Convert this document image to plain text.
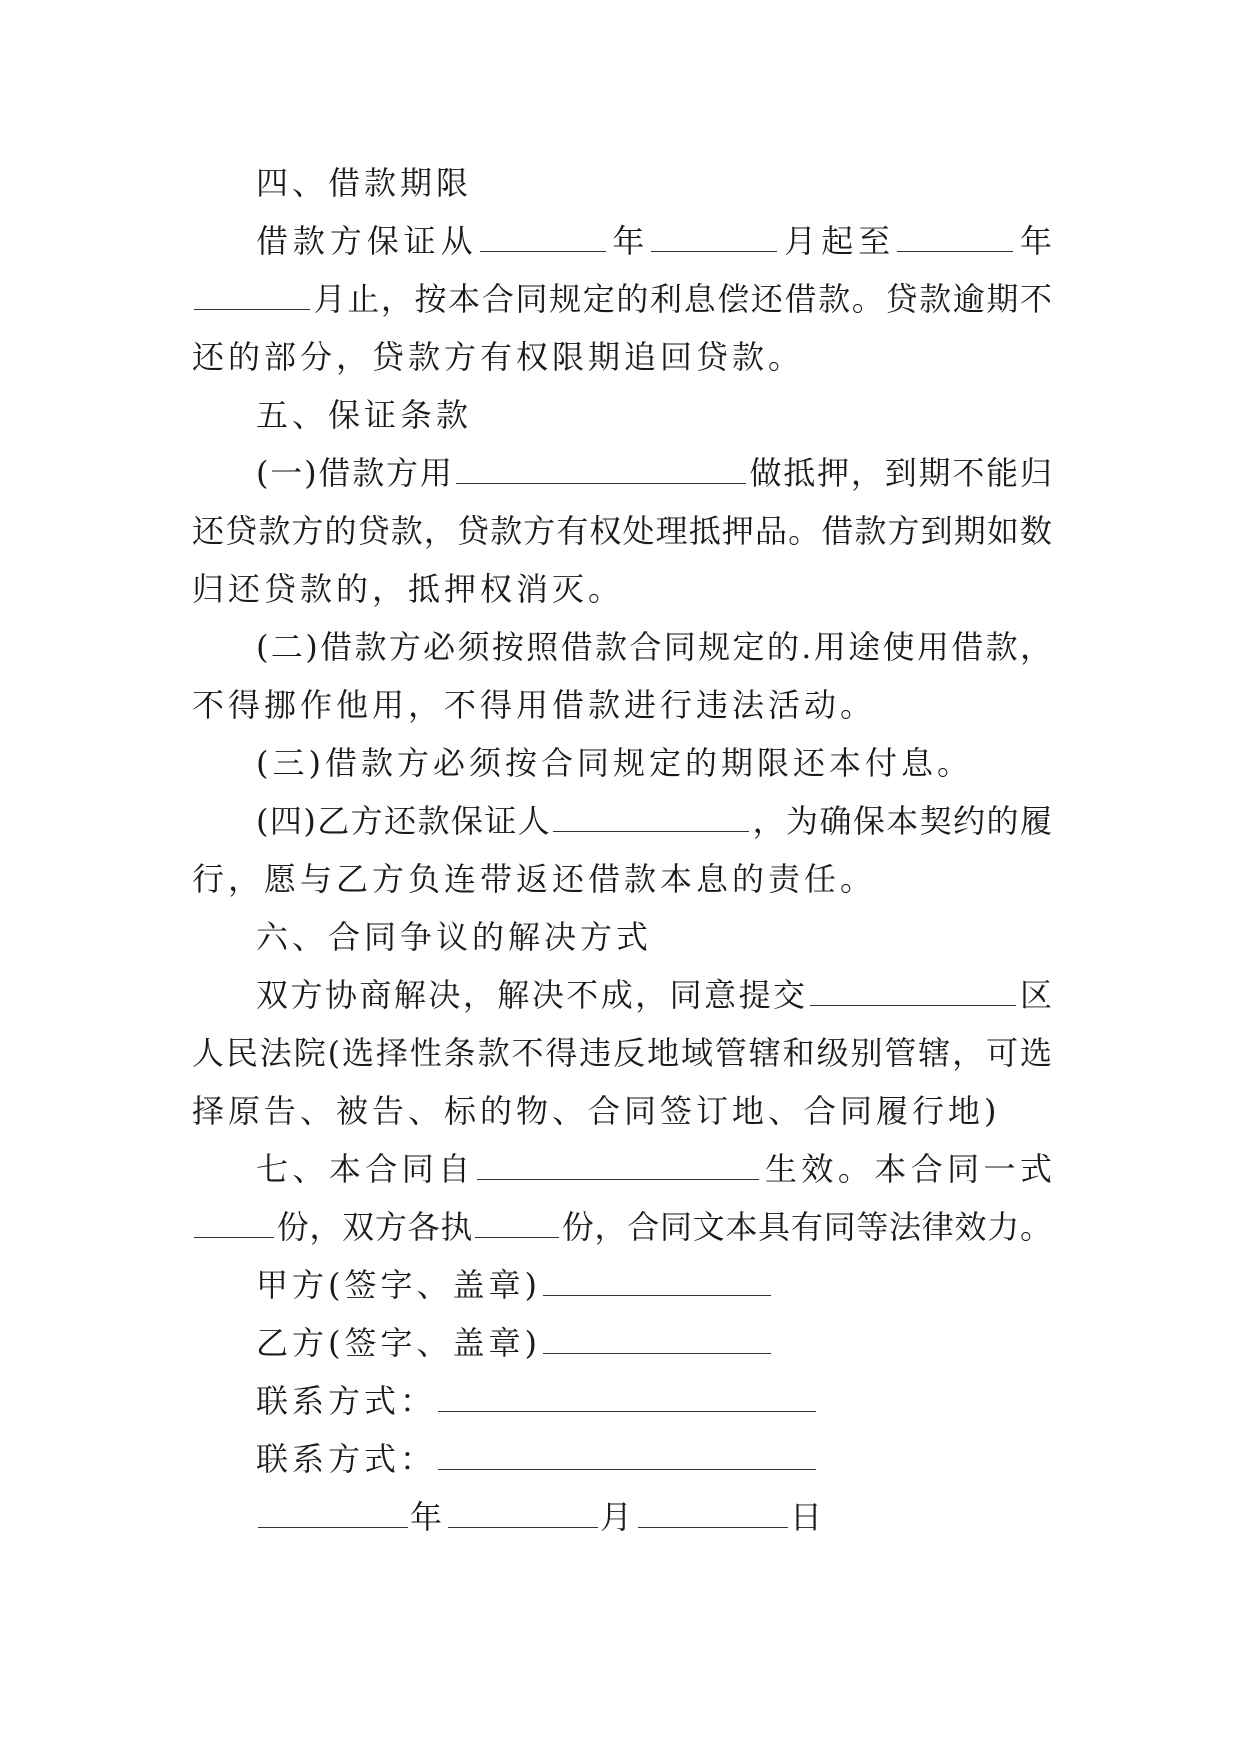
四、借款期限
借款方保证从	年	月起至	年
月止，按本合同规定的利息偿还借款。贷款逾期不
还的部分，贷款方有权限期追回贷款。
五、保证条款
(一)借款方用	做抵押，到期不能归
还贷款方的贷款，贷款方有权处理抵押品。借款方到期如数
归还贷款的，抵押权消灭。
(二)借款方必须按照借款合同规定的.用途使用借款，
不得挪作他用，不得用借款进行违法活动。
(三)借款方必须按合同规定的期限还本付息。
(四)乙方还款保证人	，为确保本契约的履
行，愿与乙方负连带返还借款本息的责任。
六、合同争议的解决方式
双方协商解决，解决不成，同意提交	区
人民法院(选择性条款不得违反地域管辖和级别管辖，可选
择原告、被告、标的物、合同签订地、合同履行地)
七、本合同自	生效。本合同一式
份，双方各执	份，合同文本具有同等法律效力。
甲方(签字、盖章)
乙方(签字、盖章)
联系方式：
联系方式：
年	月	日
